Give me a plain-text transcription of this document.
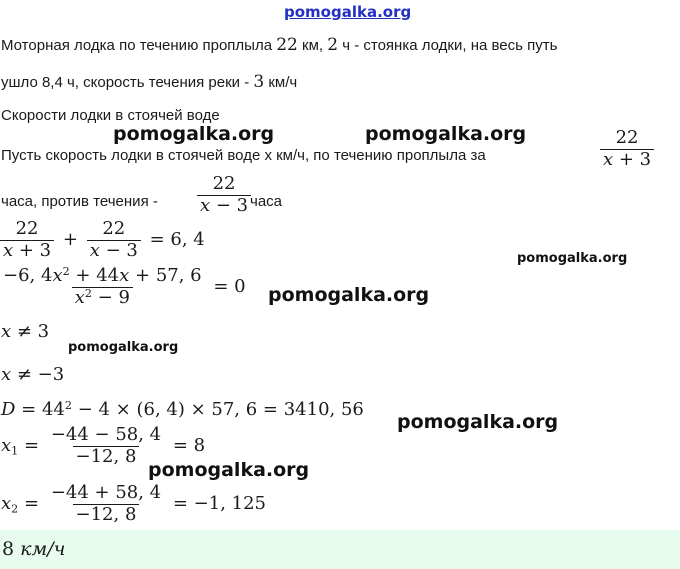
pomogalka.org
Моторная лодка по течению проплыла 22 км, 2 ч - стоянка лодки, на весь путь
ушло 8,4 ч, скорость течения реки - 3 км/ч
Скорости лодки в стоячей воде
Пусть скорость лодки в стоячей воде x км/ч, по течению проплыла за	$\frac{22}{x + 3}$
часа, против течения - $\frac{22}{x - 3}$
часа
$\frac{22}{x + 3} + \frac{22}{x - 3} = 6$, 4
$\frac{-6, 4x^2 + 44x + 57, 6}{x^2 - 9} = 0$
x ≠ 3
x ≠ −3
$D = 44^2 - 4 \times (6$, 4) × 57, 6 = 3410, 56
$x_1 = \frac{-44 - 58, 4}{-12, 8} = 8$
$x_2 = \frac{-44 + 58, 4}{-12, 8} = -1$, 125
8 км/ч
pomogalka.org	pomogalka.org
pomogalka.org
pomogalka.org
pomogalka.org
pomogalka.org
pomogalka.org
